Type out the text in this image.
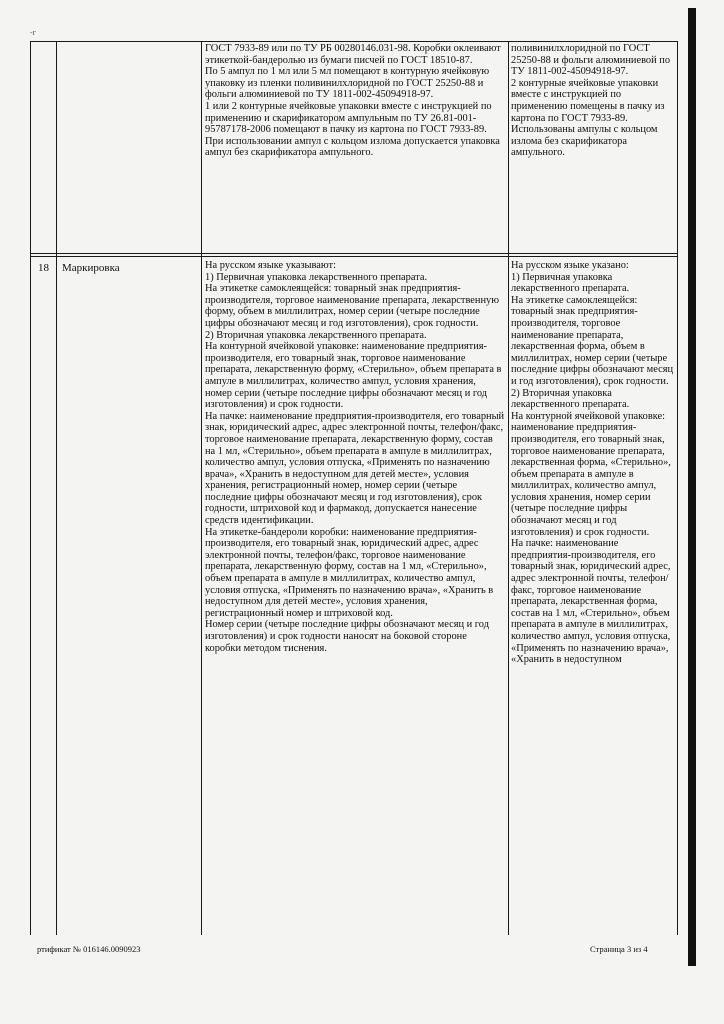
-г

ГОСТ 7933-89 или по ТУ РБ 00280146.031-98. Коробки оклеивают этикеткой-бандеролью из бумаги писчей по ГОСТ 18510-87.

По 5 ампул по 1 мл или 5 мл помещают в контурную ячейковую упаковку из пленки поливинилхлоридной по ГОСТ 25250-88 и фольги алюминиевой по ТУ 1811-002-45094918-97.

1 или 2 контурные ячейковые упаковки вместе с инструкцией по применению и скарификатором ампульным по ТУ 26.81-001-95787178-2006 помещают в пачку из картона по ГОСТ 7933-89.

При использовании ампул с кольцом излома допускается упаковка ампул без скарификатора ампульного.

поливинилхлоридной по ГОСТ 25250-88 и фольги алюминиевой по ТУ 1811-002-45094918-97.

2 контурные ячейковые упаковки вместе с инструкцией по применению помещены в пачку из картона по ГОСТ 7933-89.

Использованы ампулы с кольцом излома без скарификатора ампульного.

18 Маркировка	На русском языке указывают:

1) Первичная упаковка лекарственного препарата.

На этикетке самоклеящейся: товарный знак предприятия-производителя, торговое наименование препарата, лекарственную форму, объем в миллилитрах, номер серии (четыре последние цифры обозначают месяц и год изготовления), срок годности.

2) Вторичная упаковка лекарственного препарата.

На контурной ячейковой упаковке: наименование предприятия-производителя, его товарный знак, торговое наименование препарата, лекарственную форму, «Стерильно», объем препарата в ампуле в миллилитрах, количество ампул, условия хранения, номер серии (четыре последние цифры обозначают месяц и год изготовления) и срок годности.

На пачке: наименование предприятия-производителя, его товарный знак, юридический адрес, адрес электронной почты, телефон/факс, торговое наименование препарата, лекарственную форму, состав на 1 мл, «Стерильно», объем препарата в ампуле в миллилитрах, количество ампул, условия отпуска, «Применять по назначению врача», «Хранить в недоступном для детей месте», условия хранения, регистрационный номер, номер серии (четыре последние цифры обозначают месяц и год изготовления), срок годности, штриховой код и фармакод, допускается нанесение средств идентификации.

На этикетке-бандероли коробки: наименование предприятия-производителя, его товарный знак, юридический адрес, адрес электронной почты, телефон/факс, торговое наименование препарата, лекарственную форму, состав на 1 мл, «Стерильно», объем препарата в ампуле в миллилитрах, количество ампул, условия отпуска, «Применять по назначению врача», «Хранить в недоступном для детей месте», условия хранения, регистрационный номер и штриховой код.

Номер серии (четыре последние цифры обозначают месяц и год изготовления) и срок годности наносят на боковой стороне коробки методом тиснения.

На русском языке указано:

1) Первичная упаковка лекарственного препарата.

На этикетке самоклеящейся: товарный знак предприятия-производителя, торговое наименование препарата, лекарственная форма, объем в миллилитрах, номер серии (четыре последние цифры обозначают месяц и год изготовления), срок годности.

2) Вторичная упаковка лекарственного препарата.

На контурной ячейковой упаковке: наименование предприятия-производителя, его товарный знак, торговое наименование препарата, лекарственная форма, «Стерильно», объем препарата в ампуле в миллилитрах, количество ампул, условия хранения, номер серии (четыре последние цифры обозначают месяц и год изготовления) и срок годности.

На пачке: наименование предприятия-производителя, его товарный знак, юридический адрес, адрес электронной почты, телефон/факс, торговое наименование препарата, лекарственная форма, состав на 1 мл, «Стерильно», объем препарата в ампуле в миллилитрах, количество ампул, условия отпуска, «Применять по назначению врача», «Хранить в недоступном

ртификат № 016146.0090923	Страница 3 из 4
